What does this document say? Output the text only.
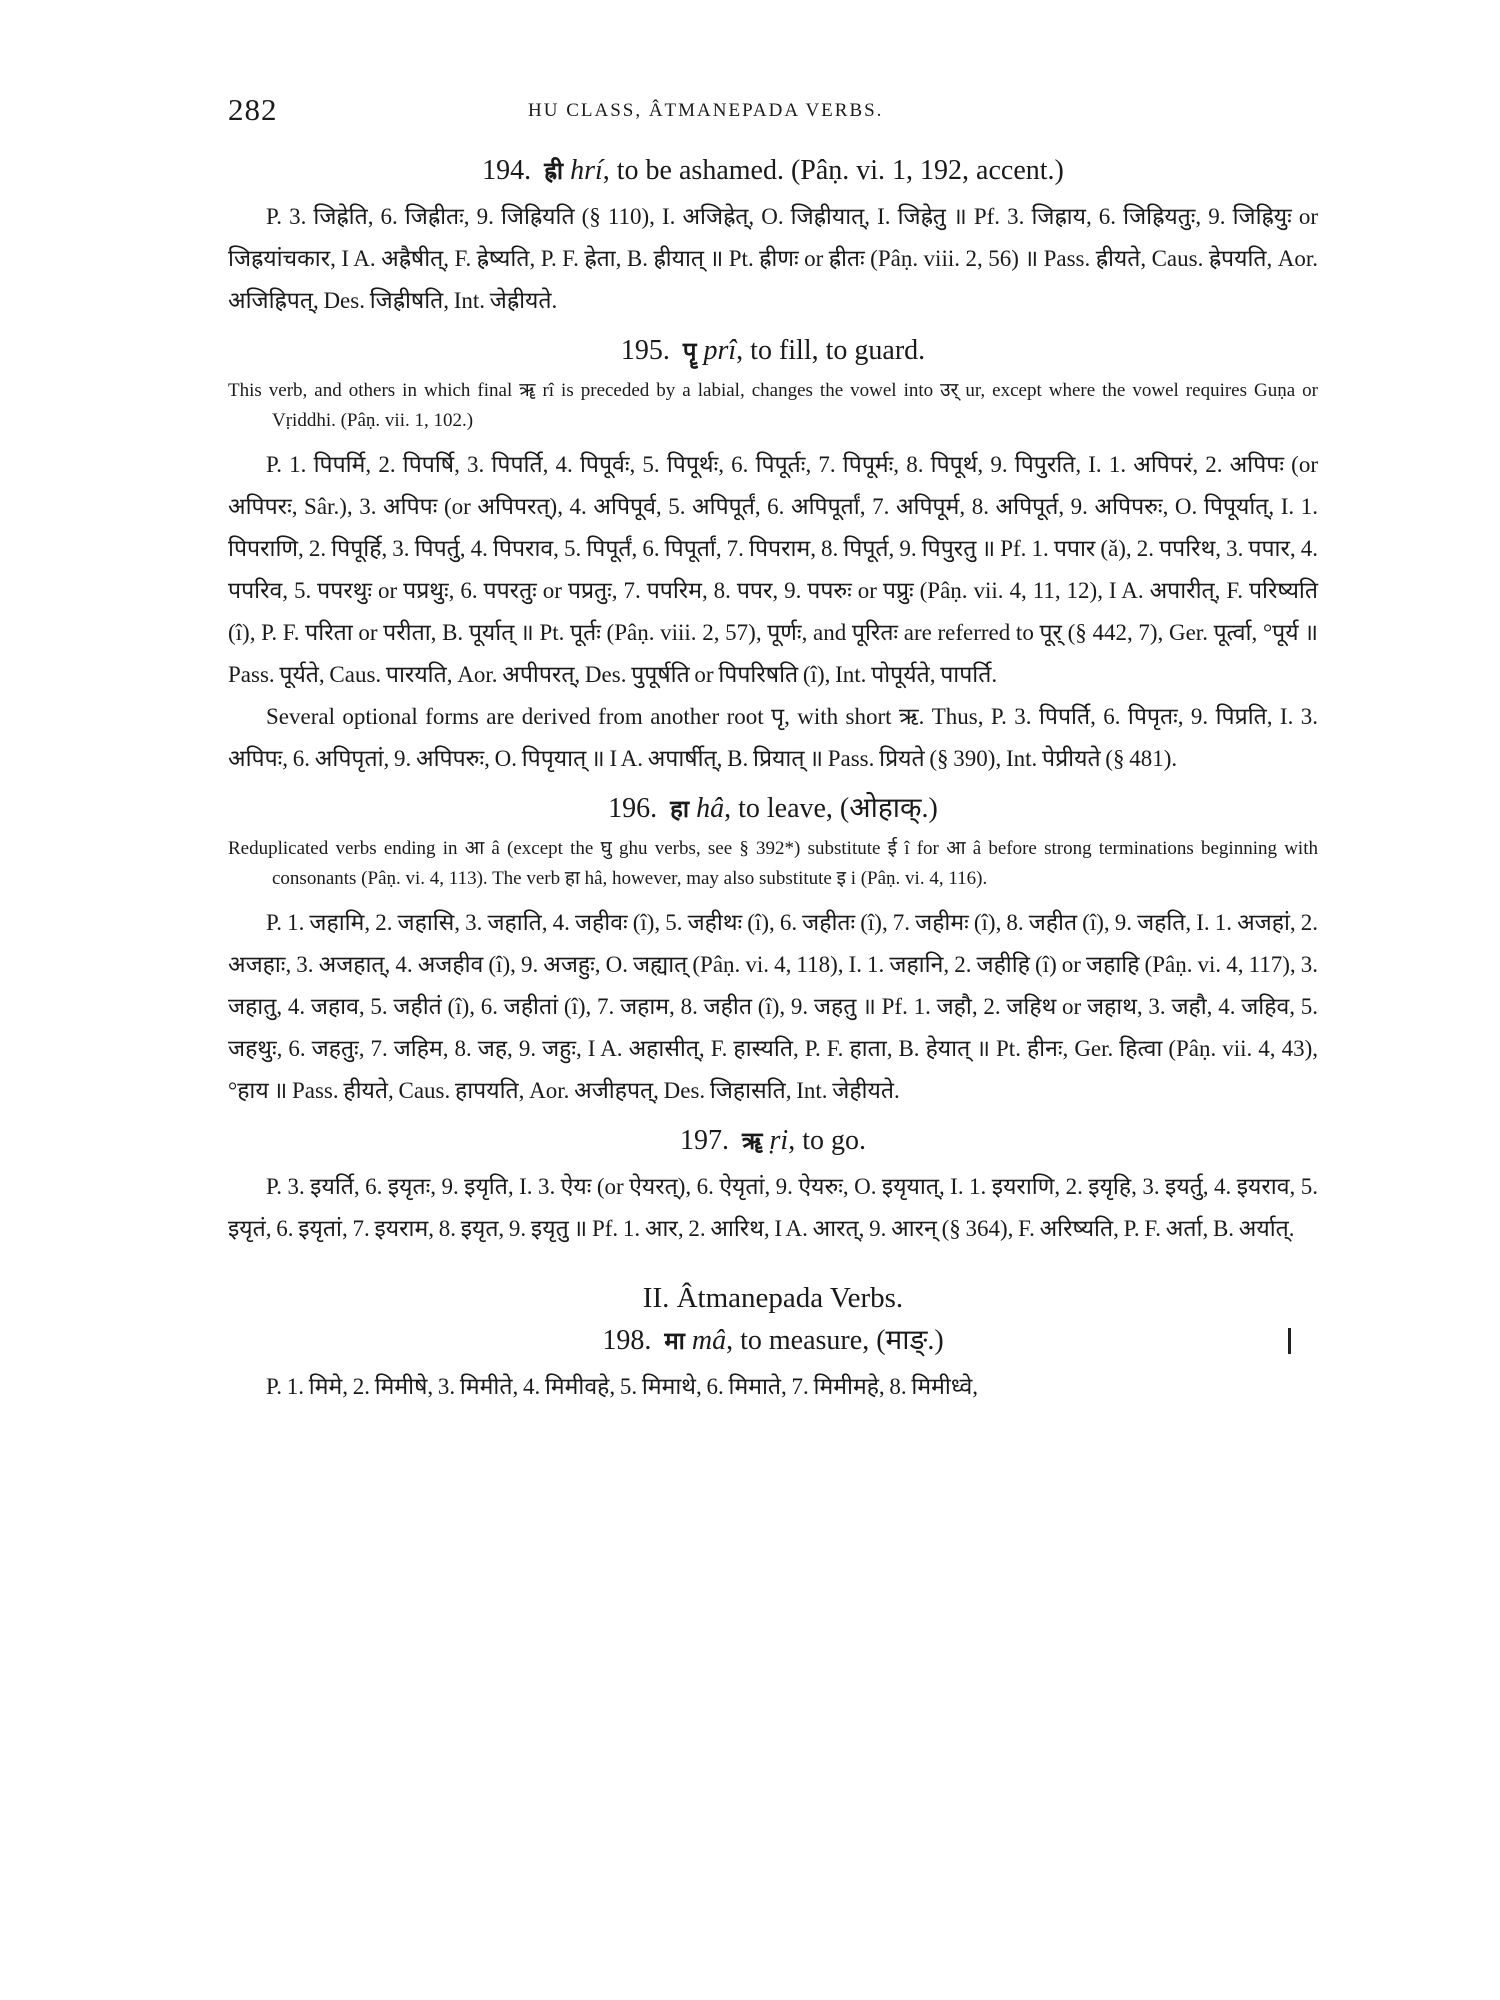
282	HU CLASS, ÂTMANEPADA VERBS.
194. ह्री hrí, to be ashamed. (Pâṇ. vi. 1, 192, accent.)

P. 3. जिह्रेति, 6. जिह्रीतः, 9. जिह्रियति (§ 110), I. अजिह्रेत्, O. जिह्रीयात्, I. जिह्रेतु ॥ Pf. 3. जिह्राय, 6. जिह्रियतुः, 9. जिह्रियुः or जिह्रयांचकार, I A. अह्रैषीत्, F. ह्रेष्यति, P. F. ह्रेता, B. ह्रीयात् ॥ Pt. ह्रीणः or ह्रीतः (Pâṇ. viii. 2, 56) ॥ Pass. ह्रीयते, Caus. ह्रेपयति, Aor. अजिह्रिपत्, Des. जिह्रीषति, Int. जेह्रीयते.

195. पॄ prî, to fill, to guard.

This verb, and others in which final ॠ rî is preceded by a labial, changes the vowel into उर् ur, except where the vowel requires Guṇa or Vṛiddhi. (Pâṇ. vii. 1, 102.)

P. 1. पिपर्मि, 2. पिपर्षि, 3. पिपर्ति, 4. पिपूर्वः, 5. पिपूर्थः, 6. पिपूर्तः, 7. पिपूर्मः, 8. पिपूर्थ, 9. पिपुरति, I. 1. अपिपरं, 2. अपिपः (or अपिपरः, Sâr.), 3. अपिपः (or अपिपरत्), 4. अपिपूर्व, 5. अपिपूर्तं, 6. अपिपूर्तां, 7. अपिपूर्म, 8. अपिपूर्त, 9. अपिपरुः, O. पिपूर्यात्, I. 1. पिपराणि, 2. पिपूर्हि, 3. पिपर्तु, 4. पिपराव, 5. पिपूर्तं, 6. पिपूर्तां, 7. पिपराम, 8. पिपूर्त, 9. पिपुरतु ॥ Pf. 1. पपार (ǎ), 2. पपरिथ, 3. पपार, 4. पपरिव, 5. पपरथुः or पप्रथुः, 6. पपरतुः or पप्रतुः, 7. पपरिम, 8. पपर, 9. पपरुः or पप्रुः (Pâṇ. vii. 4, 11, 12), I A. अपारीत्, F. परिष्यति (î), P. F. परिता or परीता, B. पूर्यात् ॥ Pt. पूर्तः (Pâṇ. viii. 2, 57), पूर्णः, and पूरितः are referred to पूर् (§ 442, 7), Ger. पूर्त्वा, °पूर्य ॥ Pass. पूर्यते, Caus. पारयति, Aor. अपीपरत्, Des. पुपूर्षति or पिपरिषति (î), Int. पोपूर्यते, पापर्ति.

Several optional forms are derived from another root पृ, with short ऋ. Thus, P. 3. पिपर्ति, 6. पिपृतः, 9. पिप्रति, I. 3. अपिपः, 6. अपिपृतां, 9. अपिपरुः, O. पिपृयात् ॥ I A. अपार्षीत्, B. प्रियात् ॥ Pass. प्रियते (§ 390), Int. पेप्रीयते (§ 481).

196. हा hâ, to leave, (ओहाक्.)

Reduplicated verbs ending in आ â (except the घु ghu verbs, see § 392*) substitute ई î for आ â before strong terminations beginning with consonants (Pâṇ. vi. 4, 113). The verb हा hâ, however, may also substitute इ i (Pâṇ. vi. 4, 116).

P. 1. जहामि, 2. जहासि, 3. जहाति, 4. जहीवः (î), 5. जहीथः (î), 6. जहीतः (î), 7. जहीमः (î), 8. जहीत (î), 9. जहति, I. 1. अजहां, 2. अजहाः, 3. अजहात्, 4. अजहीव (î), 9. अजहुः, O. जह्यात् (Pâṇ. vi. 4, 118), I. 1. जहानि, 2. जहीहि (î) or जहाहि (Pâṇ. vi. 4, 117), 3. जहातु, 4. जहाव, 5. जहीतं (î), 6. जहीतां (î), 7. जहाम, 8. जहीत (î), 9. जहतु ॥ Pf. 1. जहौ, 2. जहिथ or जहाथ, 3. जहौ, 4. जहिव, 5. जहथुः, 6. जहतुः, 7. जहिम, 8. जह, 9. जहुः, I A. अहासीत्, F. हास्यति, P. F. हाता, B. हेयात् ॥ Pt. हीनः, Ger. हित्वा (Pâṇ. vii. 4, 43), °हाय ॥ Pass. हीयते, Caus. हापयति, Aor. अजीहपत्, Des. जिहासति, Int. जेहीयते.

197. ॠ ṛi, to go.

P. 3. इयर्ति, 6. इयृतः, 9. इयृति, I. 3. ऐयः (or ऐयरत्), 6. ऐयृतां, 9. ऐयरुः, O. इयृयात्, I. 1. इयराणि, 2. इयृहि, 3. इयर्तु, 4. इयराव, 5. इयृतं, 6. इयृतां, 7. इयराम, 8. इयृत, 9. इयृतु ॥ Pf. 1. आर, 2. आरिथ, I A. आरत्, 9. आरन् (§ 364), F. अरिष्यति, P. F. अर्ता, B. अर्यात्.

II. Âtmanepada Verbs.
198. मा mâ, to measure, (माङ्.)

P. 1. मिमे, 2. मिमीषे, 3. मिमीते, 4. मिमीवहे, 5. मिमाथे, 6. मिमाते, 7. मिमीमहे, 8. मिमीध्वे,
